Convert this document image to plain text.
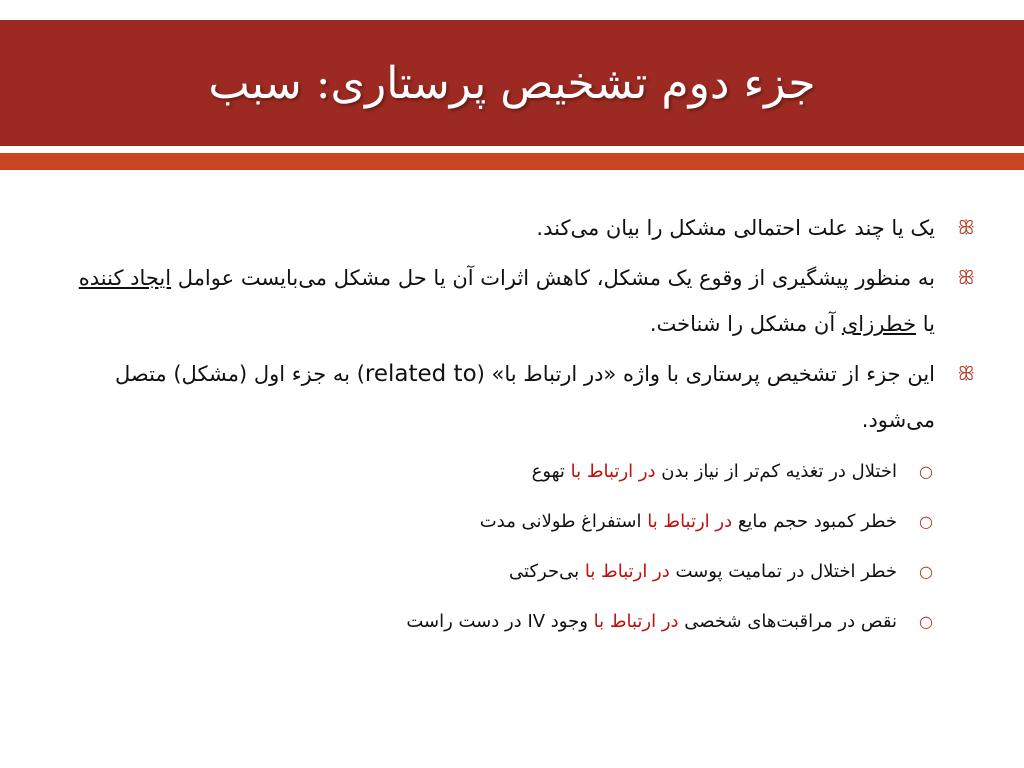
جزء دوم تشخیص پرستاری: سبب
ꕥ
یک یا چند علت احتمالی مشکل را بیان می‌کند.
ꕥ
به منظور پیشگیری از وقوع یک مشکل، کاهش اثرات آن یا حل مشکل می‌بایست عوامل ایجاد کننده یا خطرزای آن مشکل را شناخت.
ꕥ
این جزء از تشخیص پرستاری با واژه «در ارتباط با» (related to) به جزء اول (مشکل) متصل می‌شود.
○
اختلال در تغذیه کم‌تر از نیاز بدن در ارتباط با تهوع
○
خطر کمبود حجم مایع در ارتباط با استفراغ طولانی مدت
○
خطر اختلال در تمامیت پوست در ارتباط با بی‌حرکتی
○
نقص در مراقبت‌های شخصی در ارتباط با وجود IV در دست راست
